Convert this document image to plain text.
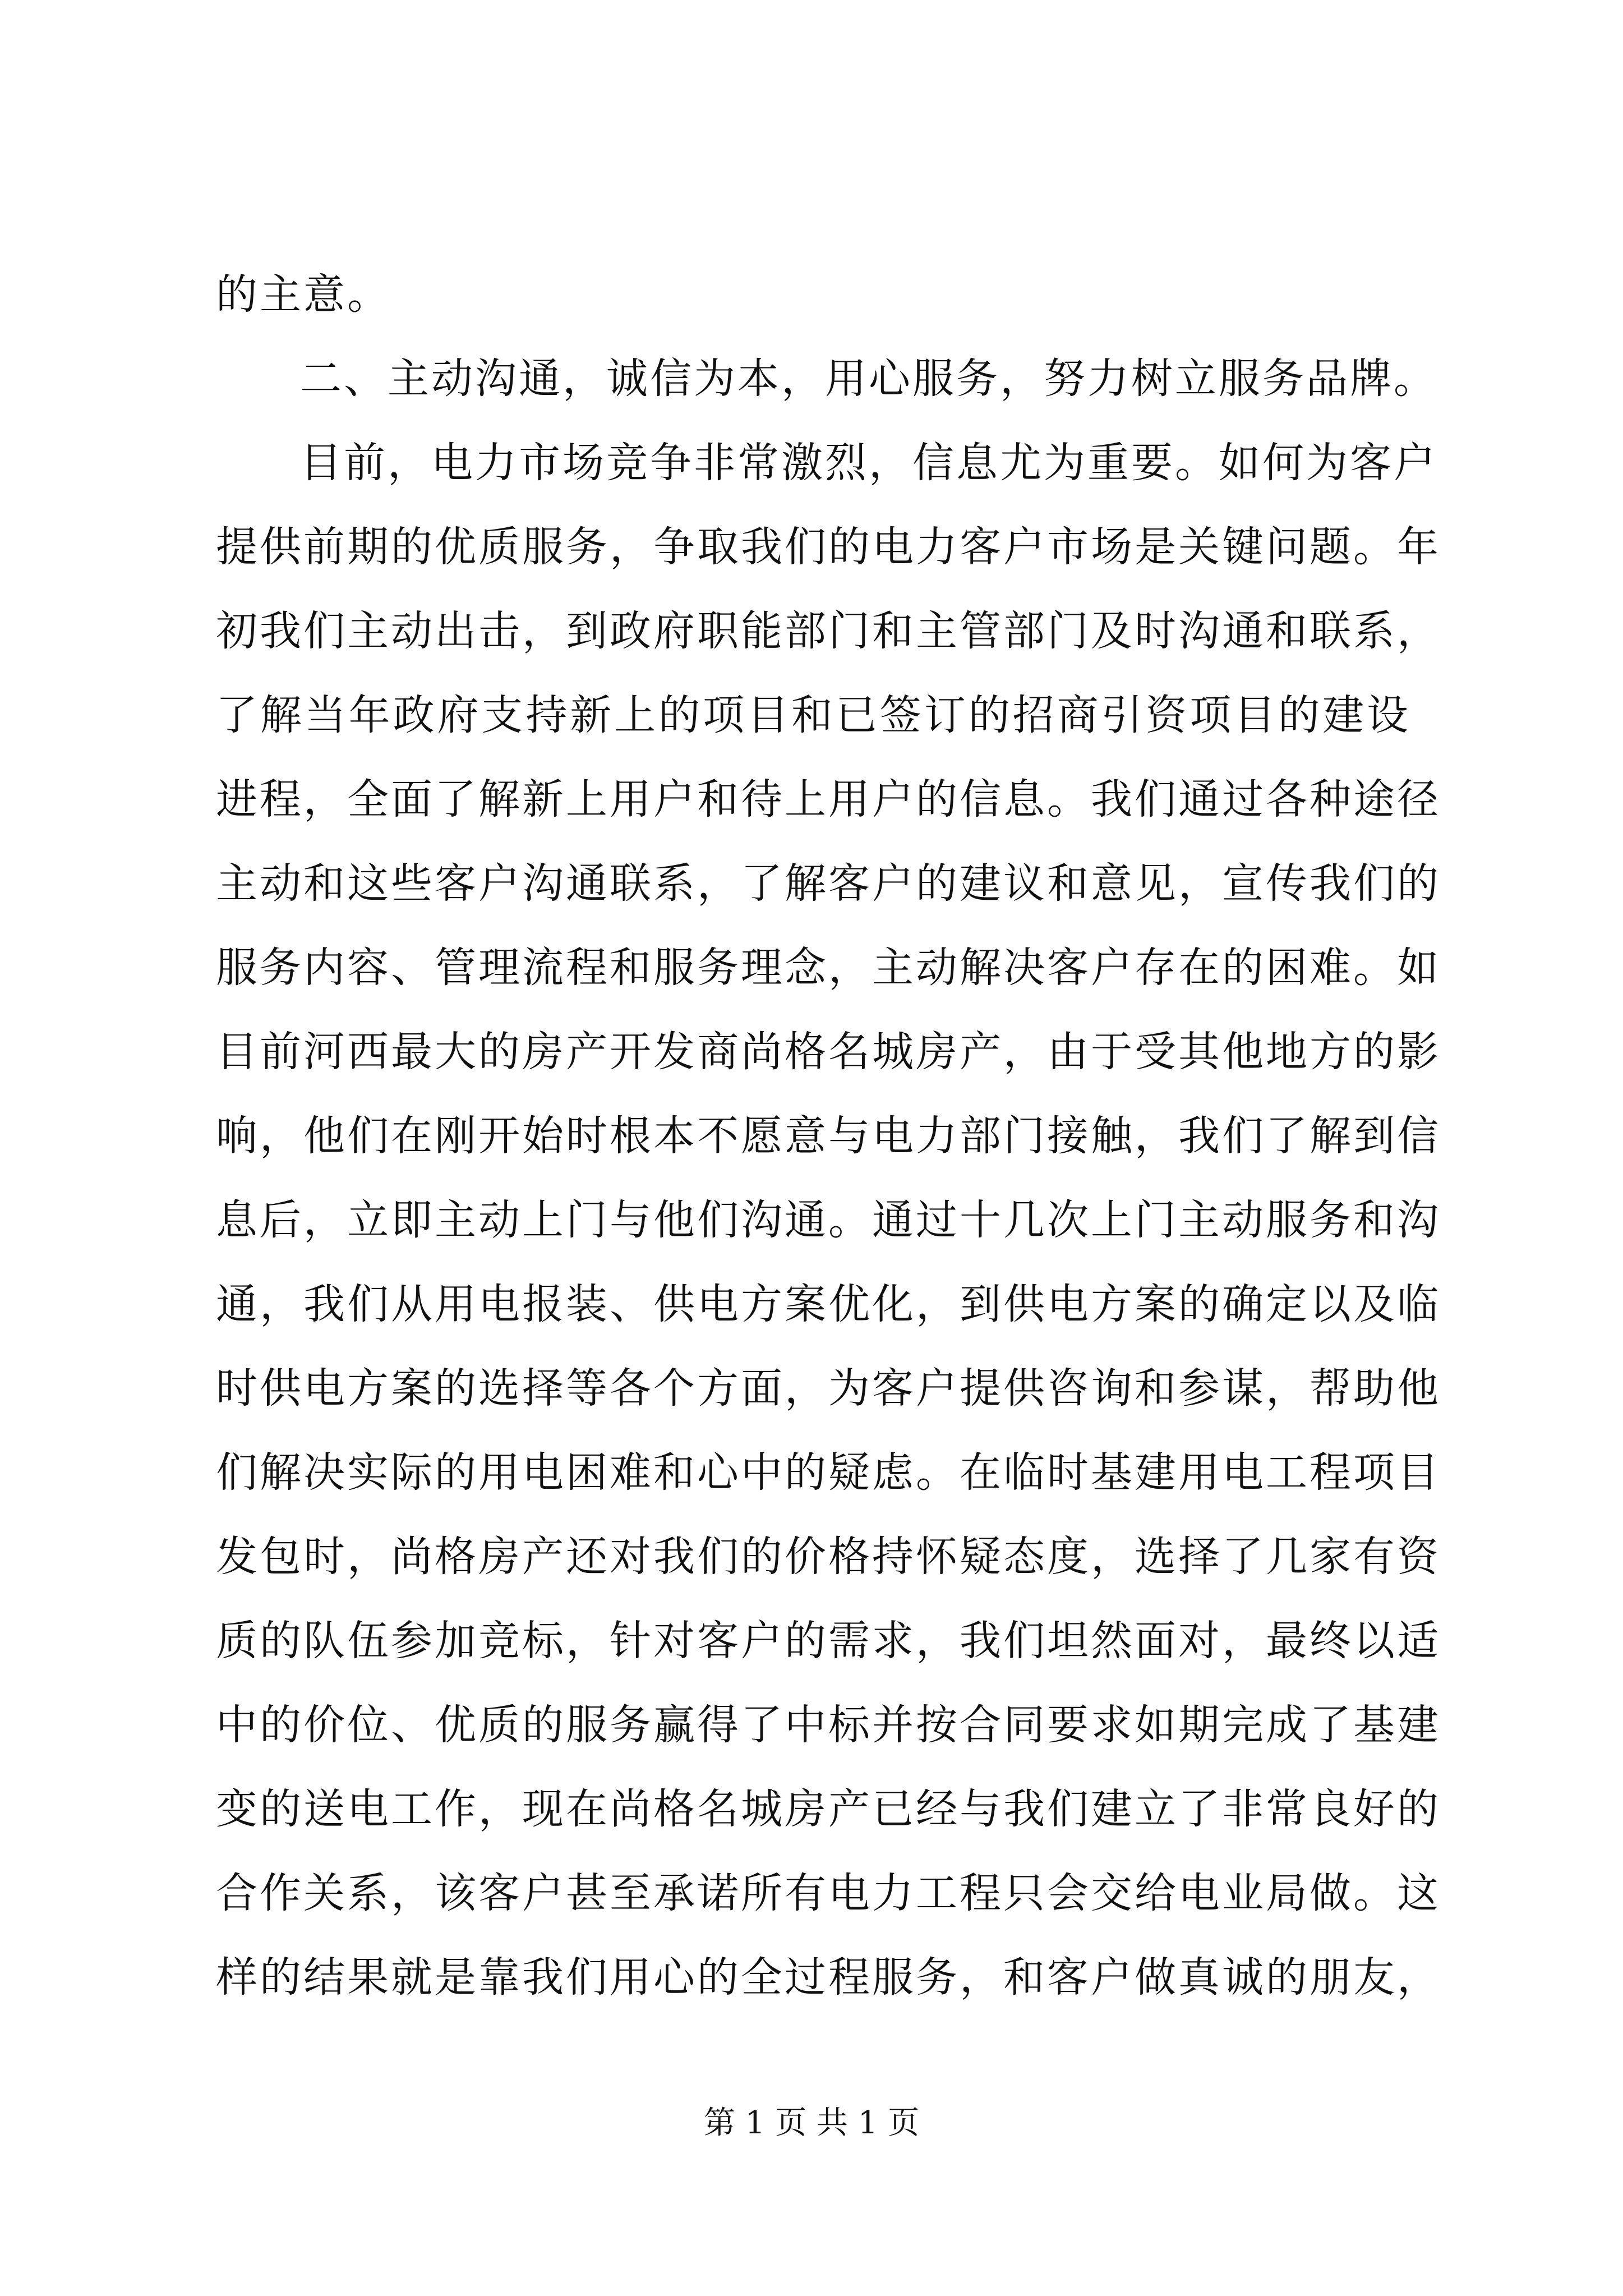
的主意。
二、主动沟通，诚信为本，用心服务，努力树立服务品牌。
目前，电力市场竞争非常激烈，信息尤为重要。如何为客户
提供前期的优质服务，争取我们的电力客户市场是关键问题。年
初我们主动出击，到政府职能部门和主管部门及时沟通和联系，
了解当年政府支持新上的项目和已签订的招商引资项目的建设
进程，全面了解新上用户和待上用户的信息。我们通过各种途径
主动和这些客户沟通联系，了解客户的建议和意见，宣传我们的
服务内容、管理流程和服务理念，主动解决客户存在的困难。如
目前河西最大的房产开发商尚格名城房产，由于受其他地方的影
响，他们在刚开始时根本不愿意与电力部门接触，我们了解到信
息后，立即主动上门与他们沟通。通过十几次上门主动服务和沟
通，我们从用电报装、供电方案优化，到供电方案的确定以及临
时供电方案的选择等各个方面，为客户提供咨询和参谋，帮助他
们解决实际的用电困难和心中的疑虑。在临时基建用电工程项目
发包时，尚格房产还对我们的价格持怀疑态度，选择了几家有资
质的队伍参加竞标，针对客户的需求，我们坦然面对，最终以适
中的价位、优质的服务赢得了中标并按合同要求如期完成了基建
变的送电工作，现在尚格名城房产已经与我们建立了非常良好的
合作关系，该客户甚至承诺所有电力工程只会交给电业局做。这
样的结果就是靠我们用心的全过程服务，和客户做真诚的朋友，
第 1 页 共 1 页
